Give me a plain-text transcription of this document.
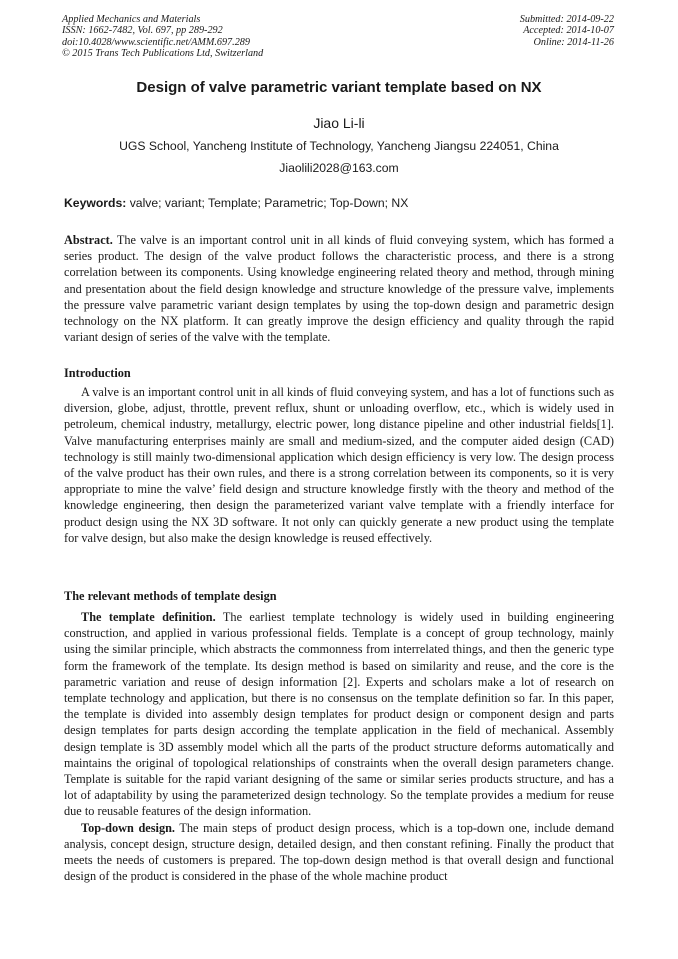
Applied Mechanics and Materials
ISSN: 1662-7482, Vol. 697, pp 289-292
doi:10.4028/www.scientific.net/AMM.697.289
© 2015 Trans Tech Publications Ltd, Switzerland
Submitted: 2014-09-22
Accepted: 2014-10-07
Online: 2014-11-26
Design of valve parametric variant template based on NX
Jiao Li-li
UGS School, Yancheng Institute of Technology, Yancheng Jiangsu 224051, China
Jiaolili2028@163.com
Keywords: valve; variant; Template; Parametric; Top-Down; NX

Abstract. The valve is an important control unit in all kinds of fluid conveying system, which has formed a series product. The design of the valve product follows the characteristic process, and there is a strong correlation between its components. Using knowledge engineering related theory and method, through mining and presentation about the field design knowledge and structure knowledge of the pressure valve, implements the pressure valve parametric variant design templates by using the top-down design and parametric design technology on the NX platform. It can greatly improve the design efficiency and quality through the rapid variant design of series of the valve with the template.

Introduction

A valve is an important control unit in all kinds of fluid conveying system, and has a lot of functions such as diversion, globe, adjust, throttle, prevent reflux, shunt or unloading overflow, etc., which is widely used in petroleum, chemical industry, metallurgy, electric power, long distance pipeline and other industrial fields[1]. Valve manufacturing enterprises mainly are small and medium-sized, and the computer aided design (CAD) technology is still mainly two-dimensional application which design efficiency is very low. The design process of the valve product has their own rules, and there is a strong correlation between its components, so it is very appropriate to mine the valve’ field design and structure knowledge firstly with the theory and method of the knowledge engineering, then design the parameterized variant valve template with a friendly interface for product design using the NX 3D software. It not only can quickly generate a new product using the template for valve design, but also make the design knowledge is reused effectively.

The relevant methods of template design

The template definition. The earliest template technology is widely used in building engineering construction, and applied in various professional fields. Template is a concept of group technology, mainly using the similar principle, which abstracts the commonness from interrelated things, and then the generic type form the framework of the template. Its design method is based on similarity and reuse, and the core is the parametric variation and reuse of design information [2]. Experts and scholars make a lot of research on template technology and application, but there is no consensus on the template definition so far. In this paper, the template is divided into assembly design templates for product design or component design and parts design templates for parts design according the template application in the field of mechanical. Assembly design template is 3D assembly model which all the parts of the product structure deforms automatically and maintains the original of topological relationships of constraints when the overall design parameters change. Template is suitable for the rapid variant designing of the same or similar series products structure, and has a lot of adaptability by using the parameterized design technology. So the template provides a medium for reuse due to reusable features of the design information.

Top-down design. The main steps of product design process, which is a top-down one, include demand analysis, concept design, structure design, detailed design, and then constant refining. Finally the product that meets the needs of customers is prepared. The top-down design method is that overall design and functional design of the product is considered in the phase of the whole machine product
